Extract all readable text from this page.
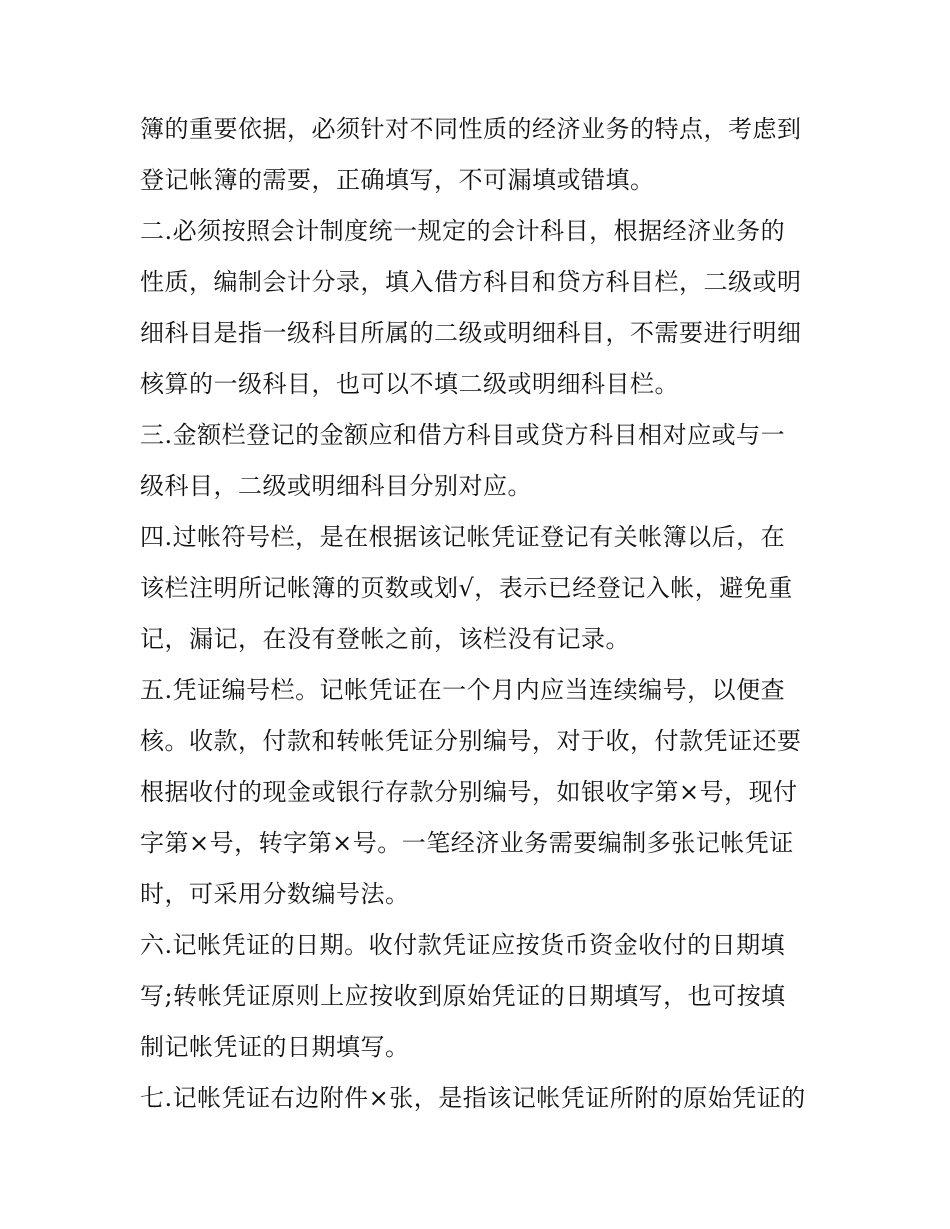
簿的重要依据，必须针对不同性质的经济业务的特点，考虑到
登记帐簿的需要，正确填写，不可漏填或错填。
二.必须按照会计制度统一规定的会计科目，根据经济业务的
性质，编制会计分录，填入借方科目和贷方科目栏，二级或明
细科目是指一级科目所属的二级或明细科目，不需要进行明细
核算的一级科目，也可以不填二级或明细科目栏。
三.金额栏登记的金额应和借方科目或贷方科目相对应或与一
级科目，二级或明细科目分别对应。
四.过帐符号栏，是在根据该记帐凭证登记有关帐簿以后，在
该栏注明所记帐簿的页数或划√，表示已经登记入帐，避免重
记，漏记，在没有登帐之前，该栏没有记录。
五.凭证编号栏。记帐凭证在一个月内应当连续编号，以便查
核。收款，付款和转帐凭证分别编号，对于收，付款凭证还要
根据收付的现金或银行存款分别编号，如银收字第×号，现付
字第×号，转字第×号。一笔经济业务需要编制多张记帐凭证
时，可采用分数编号法。
六.记帐凭证的日期。收付款凭证应按货币资金收付的日期填
写;转帐凭证原则上应按收到原始凭证的日期填写，也可按填
制记帐凭证的日期填写。
七.记帐凭证右边附件×张，是指该记帐凭证所附的原始凭证的
